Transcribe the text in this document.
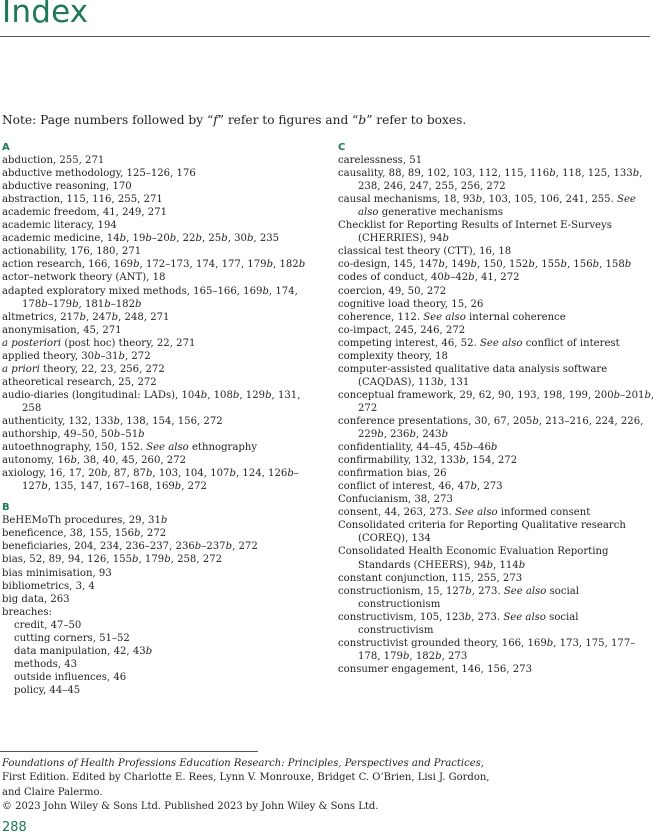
Index
Note: Page numbers followed by “f” refer to figures and “b” refer to boxes.
A
abduction, 255, 271
abductive methodology, 125–126, 176
abductive reasoning, 170
abstraction, 115, 116, 255, 271
academic freedom, 41, 249, 271
academic literacy, 194
academic medicine, 14b, 19b–20b, 22b, 25b, 30b, 235
actionability, 176, 180, 271
action research, 166, 169b, 172–173, 174, 177, 179b, 182b
actor–network theory (ANT), 18
adapted exploratory mixed methods, 165–166, 169b, 174, 178b–179b, 181b–182b
altmetrics, 217b, 247b, 248, 271
anonymisation, 45, 271
a posteriori (post hoc) theory, 22, 271
applied theory, 30b–31b, 272
a priori theory, 22, 23, 256, 272
atheoretical research, 25, 272
audio-diaries (longitudinal: LADs), 104b, 108b, 129b, 131, 258
authenticity, 132, 133b, 138, 154, 156, 272
authorship, 49–50, 50b–51b
autoethnography, 150, 152. See also ethnography
autonomy, 16b, 38, 40, 45, 260, 272
axiology, 16, 17, 20b, 87, 87b, 103, 104, 107b, 124, 126b–127b, 135, 147, 167–168, 169b, 272
B
BeHEMoTh procedures, 29, 31b
beneficence, 38, 155, 156b, 272
beneficiaries, 204, 234, 236–237, 236b–237b, 272
bias, 52, 89, 94, 126, 155b, 179b, 258, 272
bias minimisation, 93
bibliometrics, 3, 4
big data, 263
breaches:
credit, 47–50
cutting corners, 51–52
data manipulation, 42, 43b
methods, 43
outside influences, 46
policy, 44–45
C
carelessness, 51
causality, 88, 89, 102, 103, 112, 115, 116b, 118, 125, 133b, 238, 246, 247, 255, 256, 272
causal mechanisms, 18, 93b, 103, 105, 106, 241, 255. See also generative mechanisms
Checklist for Reporting Results of Internet E-Surveys (CHERRIES), 94b
classical test theory (CTT), 16, 18
co-design, 145, 147b, 149b, 150, 152b, 155b, 156b, 158b
codes of conduct, 40b–42b, 41, 272
coercion, 49, 50, 272
cognitive load theory, 15, 26
coherence, 112. See also internal coherence
co-impact, 245, 246, 272
competing interest, 46, 52. See also conflict of interest
complexity theory, 18
computer-assisted qualitative data analysis software (CAQDAS), 113b, 131
conceptual framework, 29, 62, 90, 193, 198, 199, 200b–201b, 272
conference presentations, 30, 67, 205b, 213–216, 224, 226, 229b, 236b, 243b
confidentiality, 44–45, 45b–46b
confirmability, 132, 133b, 154, 272
confirmation bias, 26
conflict of interest, 46, 47b, 273
Confucianism, 38, 273
consent, 44, 263, 273. See also informed consent
Consolidated criteria for Reporting Qualitative research (COREQ), 134
Consolidated Health Economic Evaluation Reporting Standards (CHEERS), 94b, 114b
constant conjunction, 115, 255, 273
constructionism, 15, 127b, 273. See also social constructionism
constructivism, 105, 123b, 273. See also social constructivism
constructivist grounded theory, 166, 169b, 173, 175, 177–178, 179b, 182b, 273
consumer engagement, 146, 156, 273

Foundations of Health Professions Education Research: Principles, Perspectives and Practices,

First Edition. Edited by Charlotte E. Rees, Lynn V. Monrouxe, Bridget C. O’Brien, Lisi J. Gordon,

and Claire Palermo.

© 2023 John Wiley & Sons Ltd. Published 2023 by John Wiley & Sons Ltd.

288
